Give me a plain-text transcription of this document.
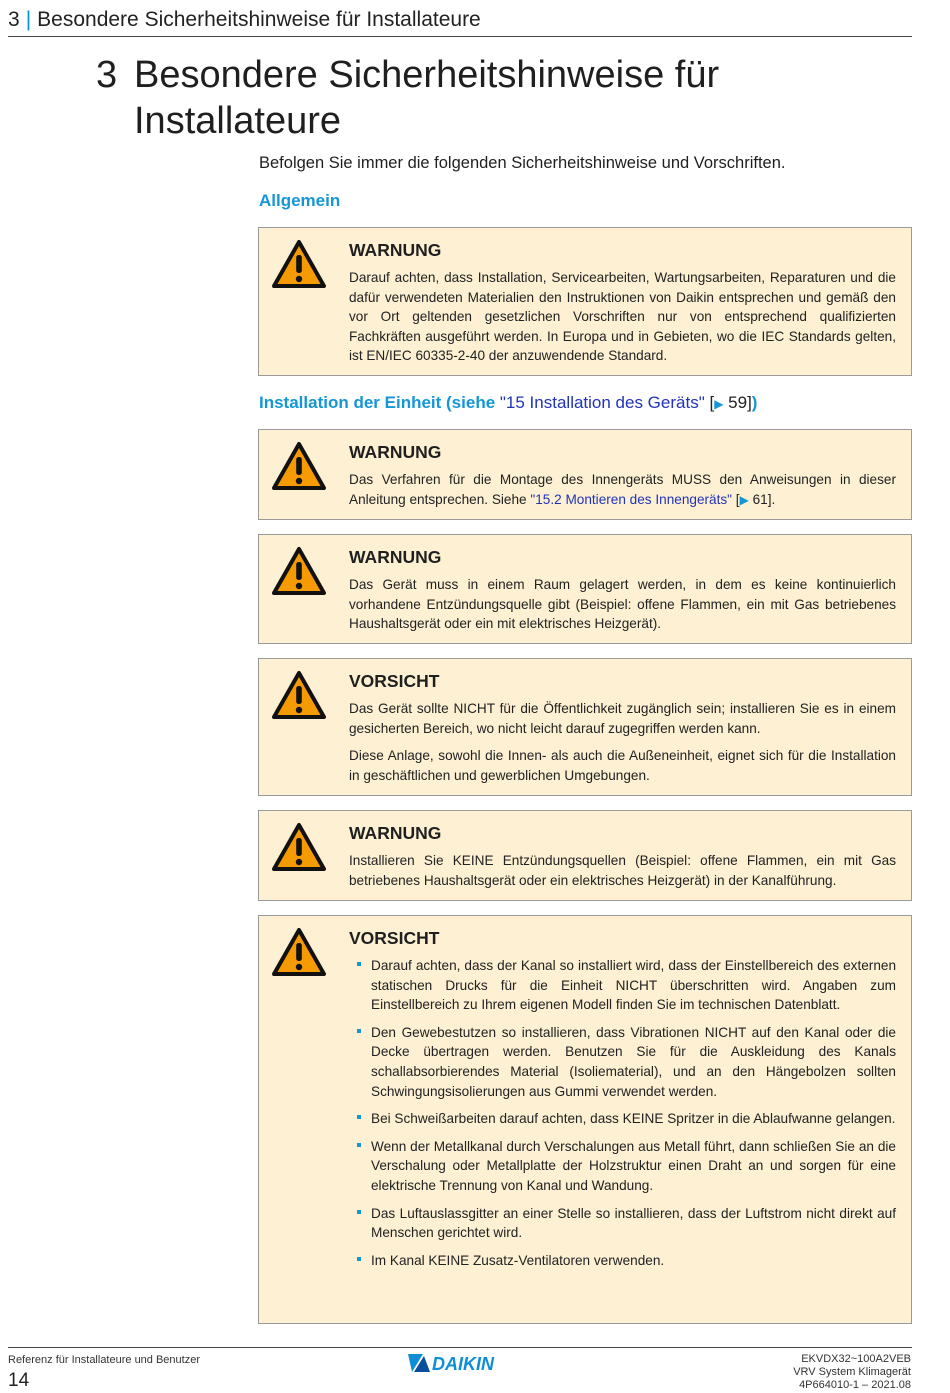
3 | Besondere Sicherheitshinweise für Installateure
3 Besondere Sicherheitshinweise für Installateure

Befolgen Sie immer die folgenden Sicherheitshinweise und Vorschriften.

Allgemein
WARNUNG

Darauf achten, dass Installation, Servicearbeiten, Wartungsarbeiten, Reparaturen und die dafür verwendeten Materialien den Instruktionen von Daikin entsprechen und gemäß den vor Ort geltenden gesetzlichen Vorschriften nur von entsprechend qualifizierten Fachkräften ausgeführt werden. In Europa und in Gebieten, wo die IEC Standards gelten, ist EN/IEC 60335-2-40 der anzuwendende Standard.

Installation der Einheit (siehe "15 Installation des Geräts" [▶ 59])
WARNUNG

Das Verfahren für die Montage des Innengeräts MUSS den Anweisungen in dieser Anleitung entsprechen. Siehe "15.2 Montieren des Innengeräts" [▶ 61].

WARNUNG

Das Gerät muss in einem Raum gelagert werden, in dem es keine kontinuierlich vorhandene Entzündungsquelle gibt (Beispiel: offene Flammen, ein mit Gas betriebenes Haushaltsgerät oder ein mit elektrisches Heizgerät).

VORSICHT

Das Gerät sollte NICHT für die Öffentlichkeit zugänglich sein; installieren Sie es in einem gesicherten Bereich, wo nicht leicht darauf zugegriffen werden kann.

Diese Anlage, sowohl die Innen- als auch die Außeneinheit, eignet sich für die Installation in geschäftlichen und gewerblichen Umgebungen.

WARNUNG

Installieren Sie KEINE Entzündungsquellen (Beispiel: offene Flammen, ein mit Gas betriebenes Haushaltsgerät oder ein elektrisches Heizgerät) in der Kanalführung.

VORSICHT
Darauf achten, dass der Kanal so installiert wird, dass der Einstellbereich des externen statischen Drucks für die Einheit NICHT überschritten wird. Angaben zum Einstellbereich zu Ihrem eigenen Modell finden Sie im technischen Datenblatt.
Den Gewebestutzen so installieren, dass Vibrationen NICHT auf den Kanal oder die Decke übertragen werden. Benutzen Sie für die Auskleidung des Kanals schallabsorbierendes Material (Isoliematerial), und an den Hängebolzen sollten Schwingungsisolierungen aus Gummi verwendet werden.
Bei Schweißarbeiten darauf achten, dass KEINE Spritzer in die Ablaufwanne gelangen.
Wenn der Metallkanal durch Verschalungen aus Metall führt, dann schließen Sie an die Verschalung oder Metallplatte der Holzstruktur einen Draht an und sorgen für eine elektrische Trennung von Kanal und Wandung.
Das Luftauslassgitter an einer Stelle so installieren, dass der Luftstrom nicht direkt auf Menschen gerichtet wird.
Im Kanal KEINE Zusatz-Ventilatoren verwenden.
Referenz für Installateure und Benutzer
14
DAIKIN	EKVDX32~100A2VEB
VRV System Klimagerät
4P664010-1 – 2021.08
